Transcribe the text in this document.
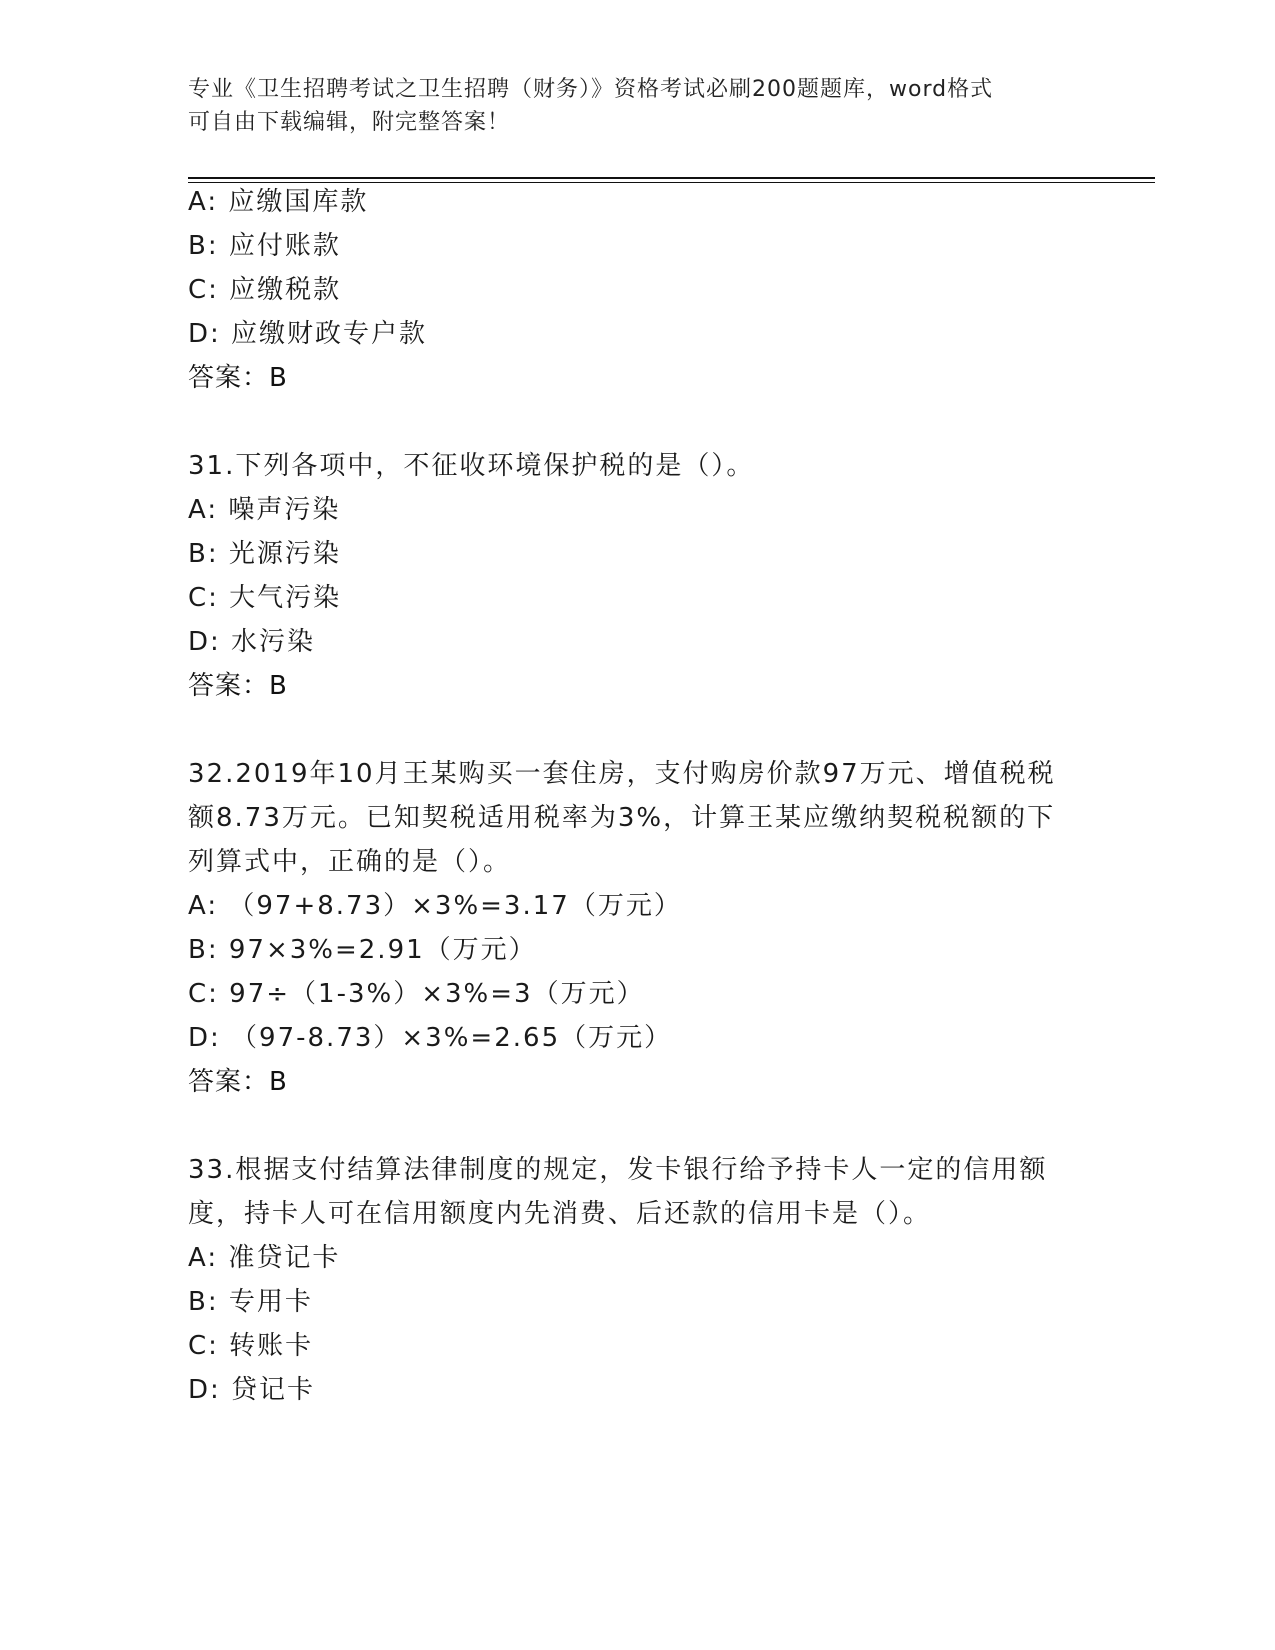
专业《卫生招聘考试之卫生招聘（财务）》资格考试必刷200题题库，word格式
可自由下载编辑，附完整答案！
A: 应缴国库款
B: 应付账款
C: 应缴税款
D: 应缴财政专户款
答案：B
31.下列各项中，不征收环境保护税的是（）。
A: 噪声污染
B: 光源污染
C: 大气污染
D: 水污染
答案：B
32.2019年10月王某购买一套住房，支付购房价款97万元、增值税税
额8.73万元。已知契税适用税率为3%，计算王某应缴纳契税税额的下
列算式中，正确的是（）。
A: （97+8.73）×3%=3.17（万元）
B: 97×3%=2.91（万元）
C: 97÷（1-3%）×3%=3（万元）
D: （97-8.73）×3%=2.65（万元）
答案：B
33.根据支付结算法律制度的规定，发卡银行给予持卡人一定的信用额
度，持卡人可在信用额度内先消费、后还款的信用卡是（）。
A: 准贷记卡
B: 专用卡
C: 转账卡
D: 贷记卡
